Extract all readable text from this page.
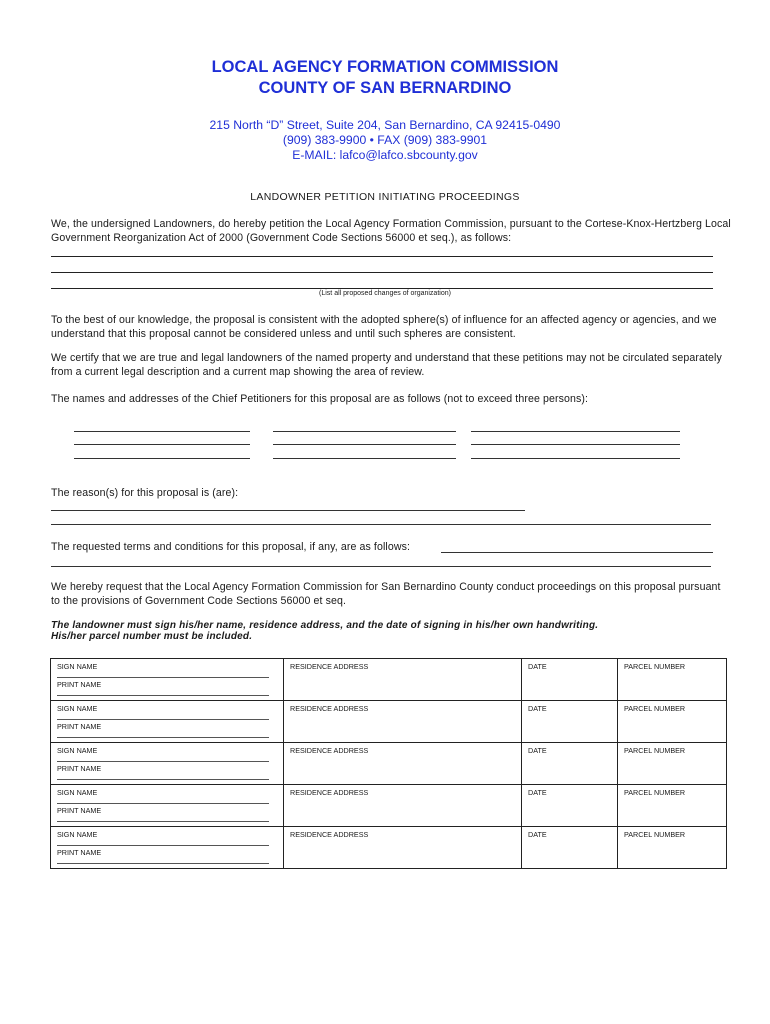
LOCAL AGENCY FORMATION COMMISSION
COUNTY OF SAN BERNARDINO
215 North “D” Street, Suite 204, San Bernardino, CA 92415-0490
(909) 383-9900 • FAX (909) 383-9901
E-MAIL: lafco@lafco.sbcounty.gov
LANDOWNER PETITION INITIATING PROCEEDINGS
We, the undersigned Landowners, do hereby petition the Local Agency Formation Commission, pursuant to the Cortese-Knox-Hertzberg Local Government Reorganization Act of 2000 (Government Code Sections 56000 et seq.), as follows:
(List all proposed changes of organization)
To the best of our knowledge, the proposal is consistent with the adopted sphere(s) of influence for an affected agency or agencies, and we understand that this proposal cannot be considered unless and until such spheres are consistent.
We certify that we are true and legal landowners of the named property and understand that these petitions may not be circulated separately from a current legal description and a current map showing the area of review.
The names and addresses of the Chief Petitioners for this proposal are as follows (not to exceed three persons):
The reason(s) for this proposal is (are):
The requested terms and conditions for this proposal, if any, are as follows:
We hereby request that the Local Agency Formation Commission for San Bernardino County conduct proceedings on this proposal pursuant to the provisions of Government Code Sections 56000 et seq.
The landowner must sign his/her name, residence address, and the date of signing in his/her own handwriting.
His/her parcel number must be included.
SIGN NAME
PRINT NAME	RESIDENCE ADDRESS	DATE	PARCEL NUMBER

SIGN NAME
PRINT NAME	RESIDENCE ADDRESS	DATE	PARCEL NUMBER

SIGN NAME
PRINT NAME	RESIDENCE ADDRESS	DATE	PARCEL NUMBER

SIGN NAME
PRINT NAME	RESIDENCE ADDRESS	DATE	PARCEL NUMBER

SIGN NAME
PRINT NAME	RESIDENCE ADDRESS	DATE	PARCEL NUMBER
